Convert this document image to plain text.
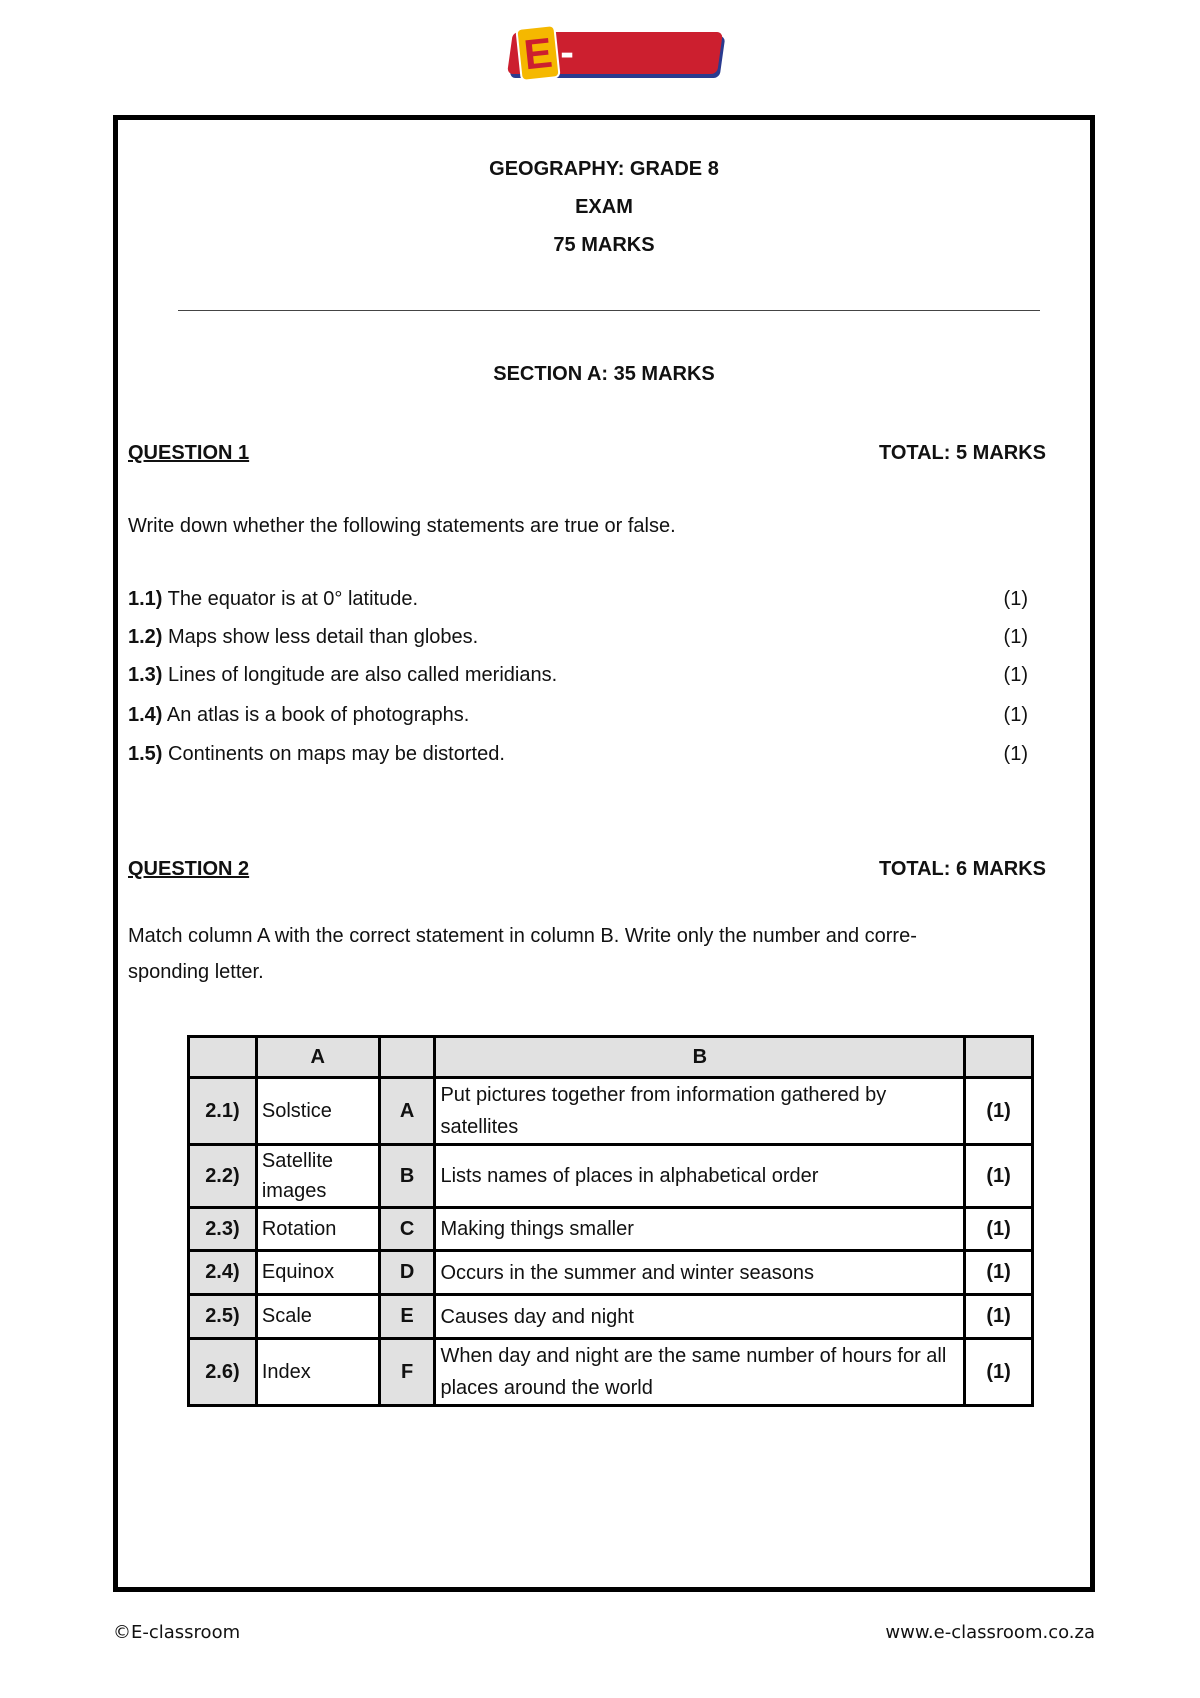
E -classroom
GEOGRAPHY: GRADE 8
EXAM
75 MARKS
SECTION A: 35 MARKS
QUESTION 1	TOTAL: 5 MARKS
Write down whether the following statements are true or false.
1.1) The equator is at 0° latitude.	(1)
1.2) Maps show less detail than globes.	(1)
1.3) Lines of longitude are also called meridians.	(1)
1.4) An atlas is a book of photographs.	(1)
1.5) Continents on maps may be distorted.	(1)
QUESTION 2	TOTAL: 6 MARKS
Match column A with the correct statement in column B. Write only the number and corre-
sponding letter.
	A		B	
2.1)	Solstice	A	Put pictures together from information gathered by satellites	(1)
2.2)	Satellite images	B	Lists names of places in alphabetical order	(1)
2.3)	Rotation	C	Making things smaller	(1)
2.4)	Equinox	D	Occurs in the summer and winter seasons	(1)
2.5)	Scale	E	Causes day and night	(1)
2.6)	Index	F	When day and night are the same number of hours for all places around the world	(1)
©E-classroom	www.e-classroom.co.za
